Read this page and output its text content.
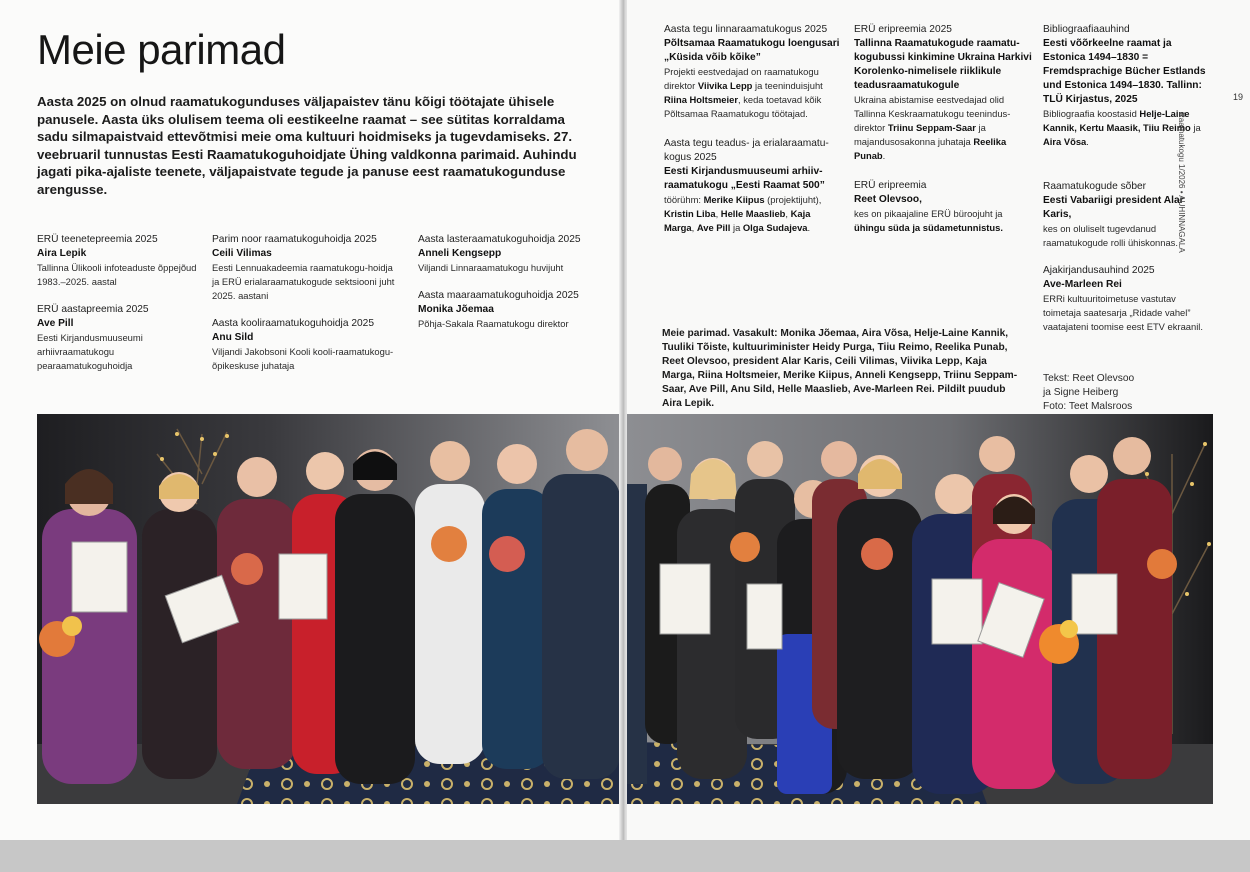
Meie parimad

Aasta 2025 on olnud raamatukogunduses väljapaistev tänu kõigi töötajate ühisele panusele. Aasta üks olulisem teema oli eestikeelne raamat – see sütitas korraldama sadu silmapaistvaid ettevõtmisi meie oma kultuuri hoidmiseks ja tugevdamiseks. 27. veebruaril tunnustas Eesti Raamatukoguhoidjate Ühing valdkonna parimaid. Auhindu jagati pika-ajaliste teenete, väljapaistvate tegude ja panuse eest raamatukogunduse arengusse.

ERÜ teenetepreemia 2025
Aira Lepik
Tallinna Ülikooli infoteaduste õppejõud 1983.–2025. aastal
ERÜ aastapreemia 2025
Ave Pill
Eesti Kirjandusmuuseumi arhiivraamatukogu pearaamatukoguhoidja
Parim noor raamatukoguhoidja 2025
Ceili Vilimas
Eesti Lennuakadeemia raamatukogu-hoidja ja ERÜ erialaraamatukogude sektsiooni juht 2025. aastani
Aasta kooliraamatukoguhoidja 2025
Anu Sild
Viljandi Jakobsoni Kooli kooli-raamatukogu-õpikeskuse juhataja
Aasta lasteraamatukoguhoidja 2025
Anneli Kengsepp
Viljandi Linnaraamatukogu huvijuht
Aasta maaraamatukoguhoidja 2025
Monika Jõemaa
Põhja-Sakala Raamatukogu direktor
Aasta tegu linnaraamatukogus 2025
Põltsamaa Raamatukogu loengusari „Küsida võib kõike”
Projekti eestvedajad on raamatukogu direktor Viivika Lepp ja teeninduisjuht Riina Holtsmeier, keda toetavad kõik Põltsamaa Raamatukogu töötajad.
Aasta tegu teadus- ja erialaraamatu-kogus 2025
Eesti Kirjandusmuuseumi arhiiv-raamatukogu „Eesti Raamat 500”
töörühm: Merike Kiipus (projektijuht), Kristin Liba, Helle Maaslieb, Kaja Marga, Ave Pill ja Olga Sudajeva.
ERÜ eripreemia 2025
Tallinna Raamatukogude raamatu-kogubussi kinkimine Ukraina Harkivi Korolenko-nimelisele riiklikule teadusraamatukogule
Ukraina abistamise eestvedajad olid Tallinna Keskraamatukogu teenindus-direktor Triinu Seppam-Saar ja majandusosakonna juhataja Reelika Punab.
ERÜ eripreemia
Reet Olevsoo,
kes on pikaajaline ERÜ büroojuht ja ühingu süda ja südametunnistus.
Bibliograafiaauhind
Eesti võõrkeelne raamat ja Estonica 1494–1830 = Fremdsprachige Bücher Estlands und Estonica 1494–1830. Tallinn: TLÜ Kirjastus, 2025
Bibliograafia koostasid Helje-Laine Kannik, Kertu Maasik, Tiiu Reimo ja Aira Võsa.
Raamatukogude sõber
Eesti Vabariigi president Alar Karis,
kes on oluliselt tugevdanud raamatukogude rolli ühiskonnas.
Ajakirjandusauhind 2025
Ave-Marleen Rei
ERRi kultuuritoimetuse vastutav toimetaja saatesarja „Ridade vahel” vaatajateni toomise eest ETV ekraanil.
Meie parimad. Vasakult: Monika Jõemaa, Aira Võsa, Helje-Laine Kannik, Tuuliki Tõiste, kultuuriminister Heidy Purga, Tiiu Reimo, Reelika Punab, Reet Olevsoo, president Alar Karis, Ceili Vilimas, Viivika Lepp, Kaja Marga, Riina Holtsmeier, Merike Kiipus, Anneli Kengsepp, Triinu Seppam-Saar, Ave Pill, Anu Sild, Helle Maaslieb, Ave-Marleen Rei. Pildilt puudub Aira Lepik.
Tekst: Reet Olevsoo
ja Signe Heiberg
Foto: Teet Malsroos
19
Raamatukogu 1/2026 • AUHINNAGALA
